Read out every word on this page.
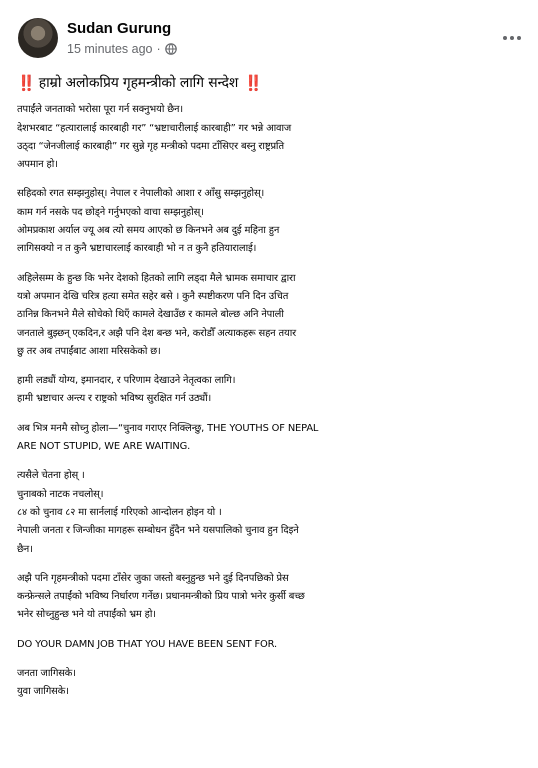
Sudan Gurung
15 minutes ago ·
‼️ हाम्रो अलोकप्रिय गृहमन्त्रीको लागि सन्देश ‼️
तपाईंले जनताको भरोसा पूरा गर्न सक्नुभयो छैन।
देशभरबाट “हत्यारालाई कारबाही गर” “भ्रष्टाचारीलाई कारबाही” गर भन्ने आवाज
उठ्दा “जेनजीलाई कारबाही” गर सुन्ने गृह मन्त्रीको पदमा टाँसिएर बस्नु राष्ट्रप्रति
अपमान हो।
सहिदको रगत सम्झनुहोस्। नेपाल र नेपालीको आशा र आँसु सम्झनुहोस्।
काम गर्न नसके पद छोड्ने गर्नुभएको वाचा सम्झनुहोस्।
ओमप्रकाश अर्याल ज्यू अब त्यो समय आएको छ किनभने अब दुई महिना हुन
लागिसक्यो न त कुनै भ्रष्टाचारलाई कारबाही भो न त कुनै हतियारालाई।
अहिलेसम्म के हुन्छ कि भनेर देशको हितको लागि लड्दा मैले भ्रामक समाचार द्वारा
यत्रो अपमान देखि चरित्र हत्या समेत सहेर बसे । कुनै स्पष्टीकरण पनि दिन उचित
ठानिन्न किनभने मैले सोचेको थिएँ कामले देखाउँछ र कामले बोल्छ अनि नेपाली
जनताले बुझ्छन् एकदिन,र अझै पनि देश बन्छ भने, करोडौँ अत्याकहरू सहन तयार
छु तर अब तपाईंबाट आशा मरिसकेको छ।
हामी लड्यौं योग्य, इमानदार, र परिणाम देखाउने नेतृत्वका लागि।
हामी भ्रष्टाचार अन्त्य र राष्ट्रको भविष्य सुरक्षित गर्न उठ्यौं।
अब भित्र मनमै सोच्नु होला—“चुनाव गराएर निक्लिन्छु, THE YOUTHS OF NEPAL
ARE NOT STUPID, WE ARE WAITING.
त्यसैले चेतना होस् ।
चुनाबको नाटक नचलोस्।
८४ को चुनाव ८२ मा सार्नलाई गरिएको आन्दोलन होइन यो ।
नेपाली जनता र जिन्जीका मागहरू सम्बोधन हुँदैन भने यसपालिको चुनाव हुन दिइने
छैन।
अझै पनि गृहमन्त्रीको पदमा टाँसेर जुका जस्तो बस्नुहुन्छ भने दुई दिनपछिको प्रेस
कन्फ्रेन्सले तपाईंको भविष्य निर्धारण गर्नेछ। प्रधानमन्त्रीको प्रिय पात्रो भनेर कुर्सी बच्छ
भनेर सोच्नुहुन्छ भने यो तपाईंको भ्रम हो।
DO YOUR DAMN JOB THAT YOU HAVE BEEN SENT FOR.
जनता जागिसके।
युवा जागिसके।
